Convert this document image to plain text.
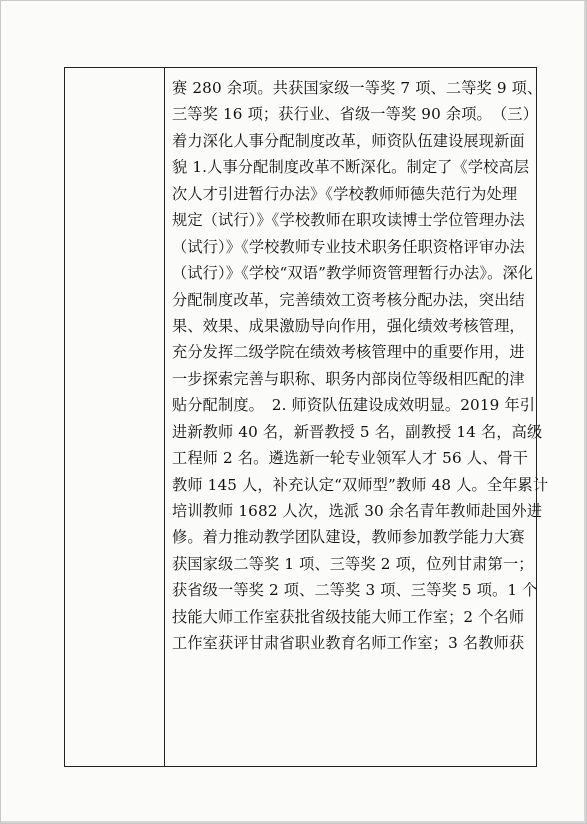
赛 280 余项。共获国家级一等奖 7 项、二等奖 9 项、
三等奖 16 项；获行业、省级一等奖 90 余项。　（三）
着力深化人事分配制度改革，师资队伍建设展现新面
貌 1.人事分配制度改革不断深化。制定了《学校高层
次人才引进暂行办法》《学校教师师德失范行为处理
规定（试行）》《学校教师在职攻读博士学位管理办法
（试行）》《学校教师专业技术职务任职资格评审办法
（试行）》《学校“双语”教学师资管理暂行办法》。深化
分配制度改革，完善绩效工资考核分配办法，突出结
果、效果、成果激励导向作用，强化绩效考核管理，
充分发挥二级学院在绩效考核管理中的重要作用，进
一步探索完善与职称、职务内部岗位等级相匹配的津
贴分配制度。　2. 师资队伍建设成效明显。2019 年引
进新教师 40 名，新晋教授 5 名，副教授 14 名，高级
工程师 2 名。遴选新一轮专业领军人才 56 人、骨干
教师 145 人，补充认定“双师型”教师 48 人。全年累计
培训教师 1682 人次，选派 30 余名青年教师赴国外进
修。着力推动教学团队建设，教师参加教学能力大赛
获国家级二等奖 1 项、三等奖 2 项，位列甘肃第一；
获省级一等奖 2 项、二等奖 3 项、三等奖 5 项。1 个
技能大师工作室获批省级技能大师工作室；2 个名师
工作室获评甘肃省职业教育名师工作室；3 名教师获
